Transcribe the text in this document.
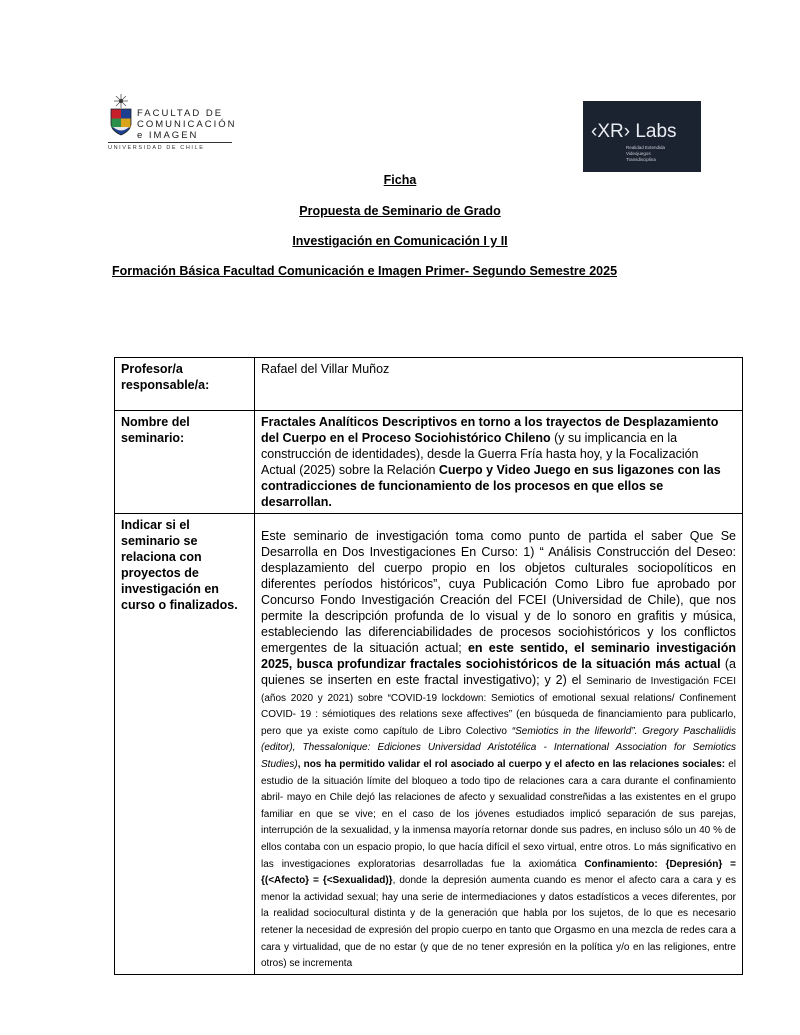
FACULTAD DE
COMUNICACIÓN
e IMAGEN
UNIVERSIDAD DE CHILE
‹XR› Labs
Realidad Extendida
Videojuegos
Transdisciplina
Ficha
Propuesta de Seminario de Grado
Investigación en Comunicación I y II
Formación Básica Facultad Comunicación e Imagen Primer- Segundo Semestre 2025
Profesor/a responsable/a:	Rafael del Villar Muñoz
Nombre del seminario:	Fractales Analíticos Descriptivos en torno a los trayectos de Desplazamiento del Cuerpo en el Proceso Sociohistórico Chileno (y su implicancia en la construcción de identidades), desde la Guerra Fría hasta hoy, y la Focalización Actual (2025) sobre la Relación Cuerpo y Video Juego en sus ligazones con las contradicciones de funcionamiento de los procesos en que ellos se desarrollan.
Indicar si el seminario se relaciona con proyectos de investigación en curso o finalizados.	Este seminario de investigación toma como punto de partida el saber Que Se Desarrolla en Dos Investigaciones En Curso: 1) “ Análisis Construcción del Deseo: desplazamiento del cuerpo propio en los objetos culturales sociopolíticos en diferentes períodos históricos”, cuya Publicación Como Libro fue aprobado por Concurso Fondo Investigación Creación del FCEI (Universidad de Chile), que nos permite la descripción profunda de lo visual y de lo sonoro en grafitis y música, estableciendo las diferenciabilidades de procesos sociohistóricos y los conflictos emergentes de la situación actual; en este sentido, el seminario investigación 2025, busca profundizar fractales sociohistóricos de la situación más actual (a quienes se inserten en este fractal investigativo); y 2) el Seminario de Investigación FCEI (años 2020 y 2021) sobre “COVID-19 lockdown: Semiotics of emotional sexual relations/ Confinement COVID- 19 : sémiotiques des relations sexe affectives” (en búsqueda de financiamiento para publicarlo, pero que ya existe como capítulo de Libro Colectivo “Semiotics in the lifeworld”. Gregory Paschaliidis (editor), Thessalonique: Ediciones Universidad Aristotélica - International Association for Semiotics Studies), nos ha permitido validar el rol asociado al cuerpo y el afecto en las relaciones sociales: el estudio de la situación límite del bloqueo a todo tipo de relaciones cara a cara durante el confinamiento abril- mayo en Chile dejó las relaciones de afecto y sexualidad constreñidas a las existentes en el grupo familiar en que se vive; en el caso de los jóvenes estudiados implicó separación de sus parejas, interrupción de la sexualidad, y la inmensa mayoría retornar donde sus padres, en incluso sólo un 40 % de ellos contaba con un espacio propio, lo que hacía difícil el sexo virtual, entre otros. Lo más significativo en las investigaciones exploratorias desarrolladas fue la axiomática Confinamiento: {Depresión} = {(<Afecto} = {<Sexualidad)}, donde la depresión aumenta cuando es menor el afecto cara a cara y es menor la actividad sexual; hay una serie de intermediaciones y datos estadísticos a veces diferentes, por la realidad sociocultural distinta y de la generación que habla por los sujetos, de lo que es necesario retener la necesidad de expresión del propio cuerpo en tanto que Orgasmo en una mezcla de redes cara a cara y virtualidad, que de no estar (y que de no tener expresión en la política y/o en las religiones, entre otros) se incrementa
